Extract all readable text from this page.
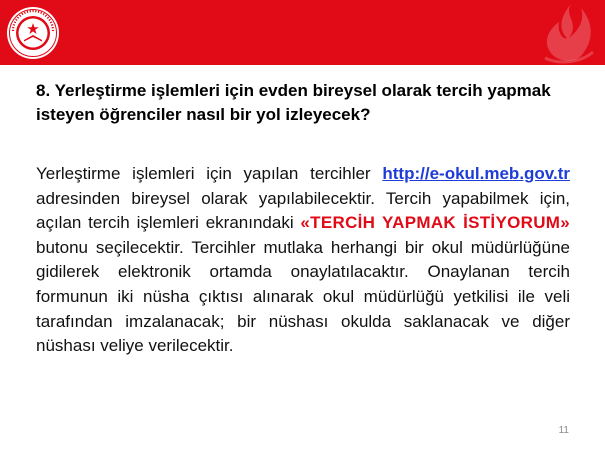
8. Yerleştirme işlemleri için evden bireysel olarak tercih yapmak isteyen öğrenciler nasıl bir yol izleyecek?

Yerleştirme işlemleri için yapılan tercihler http://e-okul.meb.gov.tr adresinden bireysel olarak yapılabilecektir. Tercih yapabilmek için, açılan tercih işlemleri ekranındaki «TERCİH YAPMAK İSTİYORUM» butonu seçilecektir. Tercihler mutlaka herhangi bir okul müdürlüğüne gidilerek elektronik ortamda onaylatılacaktır. Onaylanan tercih formunun iki nüsha çıktısı alınarak okul müdürlüğü yetkilisi ile veli tarafından imzalanacak; bir nüshası okulda saklanacak ve diğer nüshası veliye verilecektir.

11
